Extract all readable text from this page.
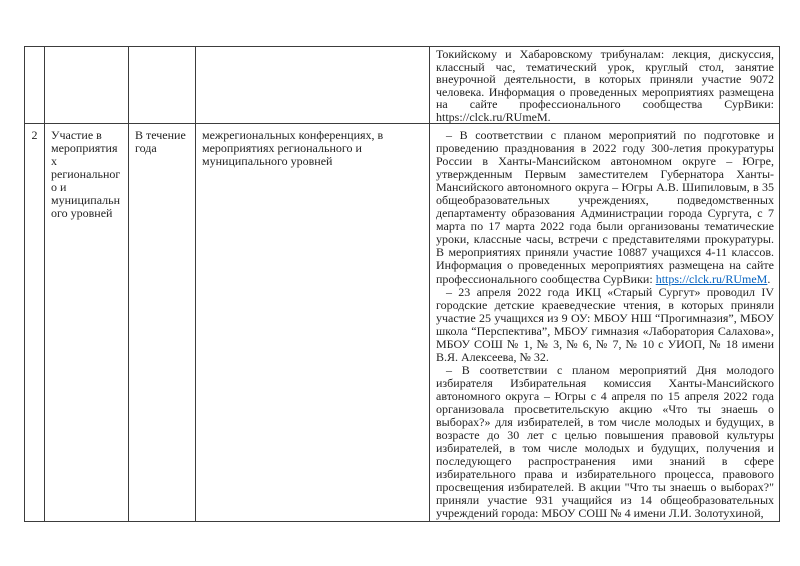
				Токийскому и Хабаровскому трибуналам: лекция, дискуссия, классный час, тематический урок, круглый стол, занятие внеурочной деятельности, в которых приняли участие 9072 человека. Информация о проведенных мероприятиях размещена на сайте профессионального сообщества СурВики: https://clck.ru/RUmeM.

2	Участие в мероприятиях регионального и муниципального уровней	В течение года	межрегиональных конференциях, в мероприятиях регионального и муниципального уровней	– В соответствии с планом мероприятий по подготовке и проведению празднования в 2022 году 300-летия прокуратуры России в Ханты-Мансийском автономном округе – Югре, утвержденным Первым заместителем Губернатора Ханты-Мансийского автономного округа – Югры А.В. Шипиловым, в 35 общеобразовательных учреждениях, подведомственных департаменту образования Администрации города Сургута, с 7 марта по 17 марта 2022 года были организованы тематические уроки, классные часы, встречи с представителями прокуратуры. В мероприятиях приняли участие 10887 учащихся 4-11 классов. Информация о проведенных мероприятиях размещена на сайте профессионального сообщества СурВики: https://clck.ru/RUmeM.

– 23 апреля 2022 года ИКЦ «Старый Сургут» проводил IV городские детские краеведческие чтения, в которых приняли участие 25 учащихся из 9 ОУ: МБОУ НШ “Прогимназия”, МБОУ школа “Перспектива”, МБОУ гимназия «Лаборатория Салахова», МБОУ СОШ № 1, № 3, № 6, № 7, № 10 с УИОП, № 18 имени В.Я. Алексеева, № 32.

– В соответствии с планом мероприятий Дня молодого избирателя Избирательная комиссия Ханты-Мансийского автономного округа – Югры с 4 апреля по 15 апреля 2022 года организовала просветительскую акцию «Что ты знаешь о выборах?» для избирателей, в том числе молодых и будущих, в возрасте до 30 лет с целью повышения правовой культуры избирателей, в том числе молодых и будущих, получения и последующего распространения ими знаний в сфере избирательного права и избирательного процесса, правового просвещения избирателей. В акции "Что ты знаешь о выборах?" приняли участие 931 учащийся из 14 общеобразовательных учреждений города: МБОУ СОШ № 4 имени Л.И. Золотухиной,
